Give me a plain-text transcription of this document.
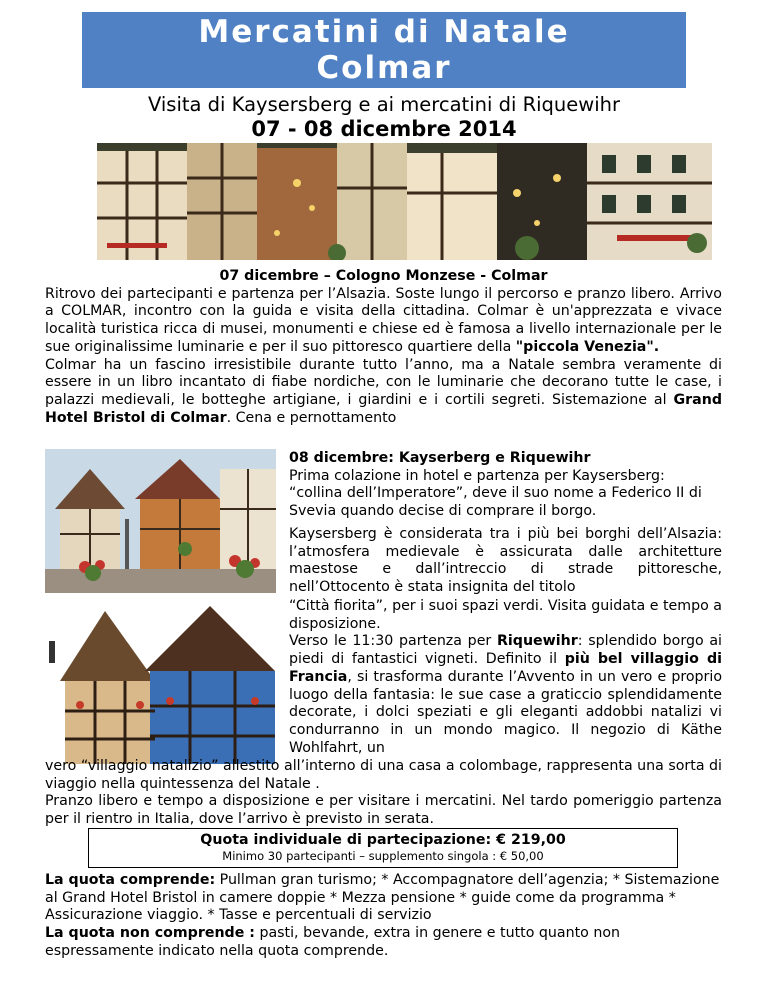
Mercatini di Natale
Colmar
Visita di Kaysersberg e ai mercatini di Riquewihr
07 - 08 dicembre 2014

07 dicembre – Cologno Monzese - Colmar

Ritrovo dei partecipanti e partenza per l’Alsazia. Soste lungo il percorso e pranzo libero. Arrivo a COLMAR, incontro con la guida e visita della cittadina. Colmar è un'apprezzata e vivace località turistica ricca di musei, monumenti e chiese ed è famosa a livello internazionale per le sue originalissime luminarie e per il suo pittoresco quartiere della "piccola Venezia".

Colmar ha un fascino irresistibile durante tutto l’anno, ma a Natale sembra veramente di essere in un libro incantato di fiabe nordiche, con le luminarie che decorano tutte le case, i palazzi medievali, le botteghe artigiane, i giardini e i cortili segreti. Sistemazione al Grand Hotel Bristol di Colmar. Cena e pernottamento

08 dicembre: Kayserberg e Riquewihr

Prima colazione in hotel e partenza per Kaysersberg: “collina dell’Imperatore”, deve il suo nome a Federico II di Svevia quando decise di comprare il borgo.

Kaysersberg è considerata tra i più bei borghi dell’Alsazia: l’atmosfera medievale è assicurata dalle architetture maestose e dall’intreccio di strade pittoresche, nell’Ottocento è stata insignita del titolo

“Città fiorita”, per i suoi spazi verdi. Visita guidata e tempo a disposizione.

Verso le 11:30 partenza per Riquewihr: splendido borgo ai piedi di fantastici vigneti. Definito il più bel villaggio di Francia, si trasforma durante l’Avvento in un vero e proprio luogo della fantasia: le sue case a graticcio splendidamente decorate, i dolci speziati e gli eleganti addobbi natalizi vi condurranno in un mondo magico. Il negozio di Käthe Wohlfahrt, un

vero “villaggio natalizio” allestito all’interno di una casa a colombage, rappresenta una sorta di viaggio nella quintessenza del Natale .

Pranzo libero e tempo a disposizione e per visitare i mercatini. Nel tardo pomeriggio partenza per il rientro in Italia, dove l’arrivo è previsto in serata.

Quota individuale di partecipazione: € 219,00
Minimo 30 partecipanti – supplemento singola : € 50,00

La quota comprende: Pullman gran turismo; * Accompagnatore dell’agenzia; * Sistemazione al Grand Hotel Bristol in camere doppie * Mezza pensione * guide come da programma * Assicurazione viaggio. * Tasse e percentuali di servizio

La quota non comprende : pasti, bevande, extra in genere e tutto quanto non espressamente indicato nella quota comprende.
